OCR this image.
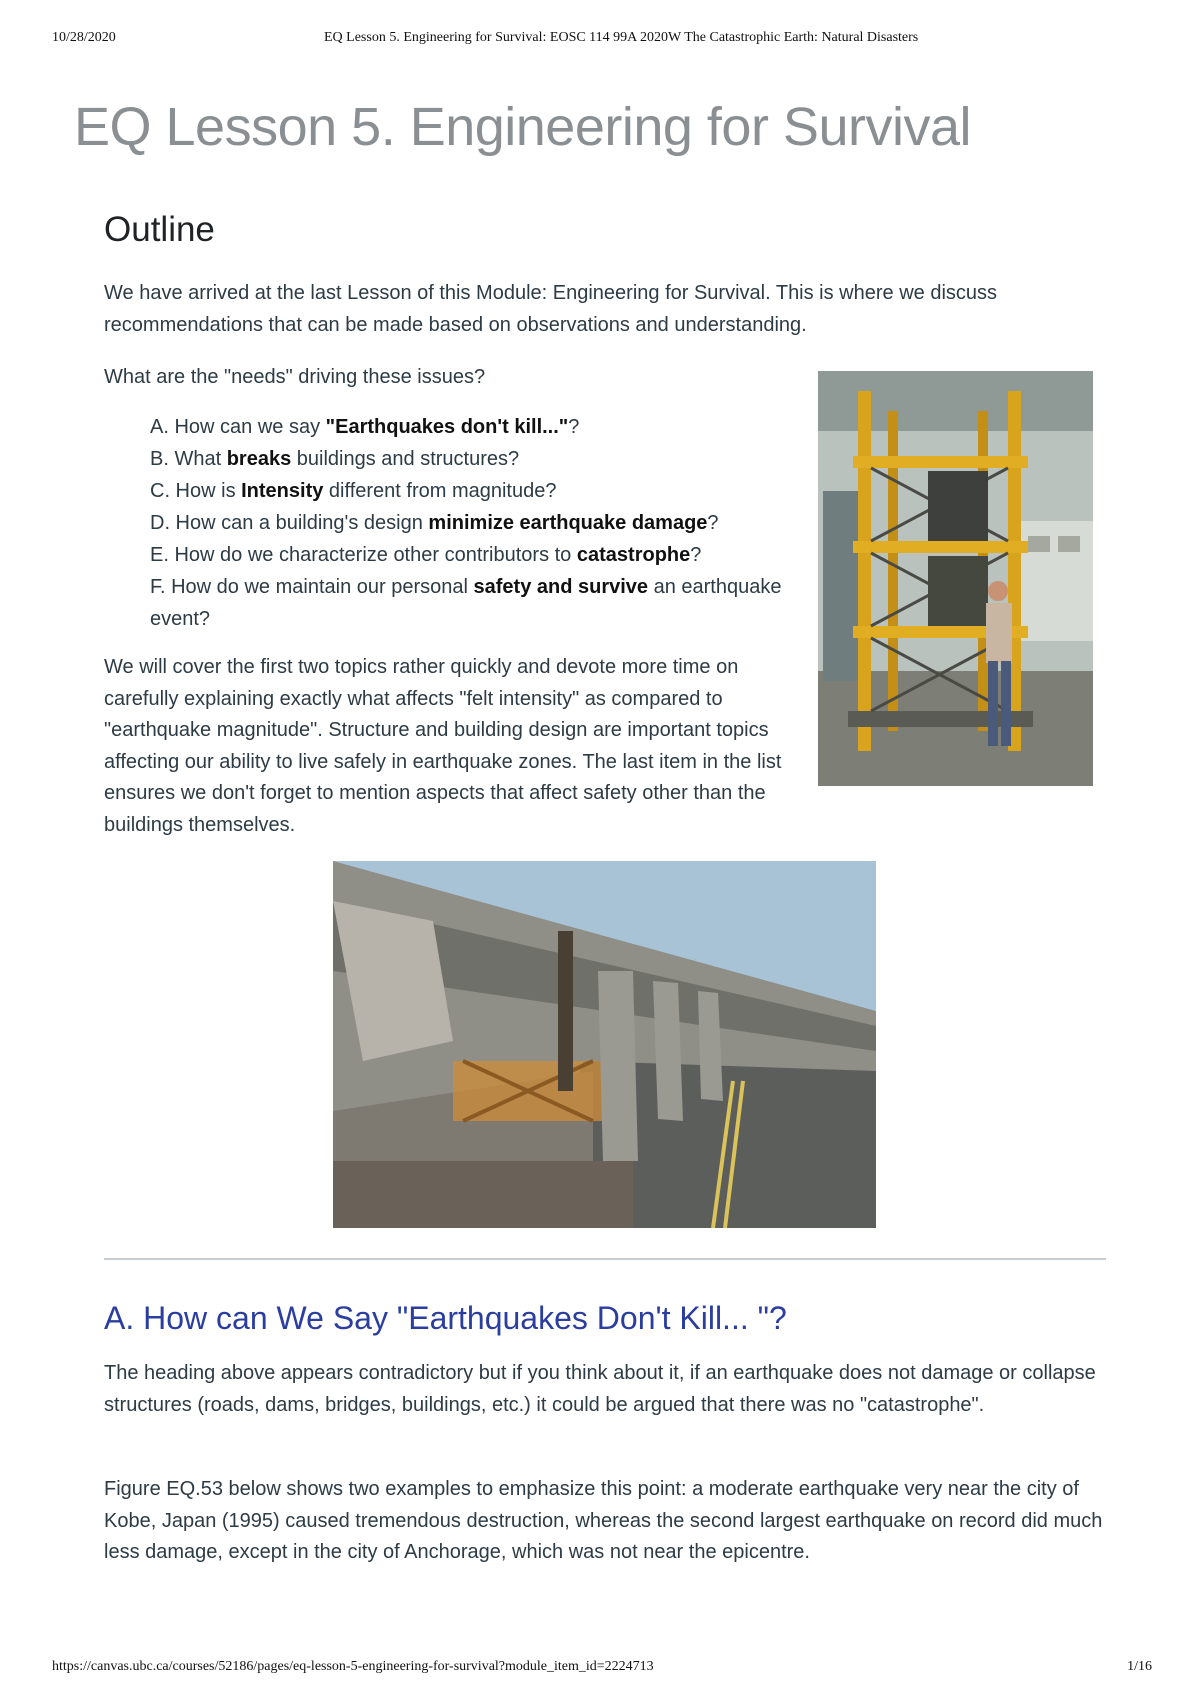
10/28/2020	EQ Lesson 5. Engineering for Survival: EOSC 114 99A 2020W The Catastrophic Earth: Natural Disasters
EQ Lesson 5. Engineering for Survival
Outline

We have arrived at the last Lesson of this Module: Engineering for Survival. This is where we discuss recommendations that can be made based on observations and understanding.

What are the "needs" driving these issues?

A. How can we say "Earthquakes don't kill..."?
B. What breaks buildings and structures?
C. How is Intensity different from magnitude?
D. How can a building's design minimize earthquake damage?
E. How do we characterize other contributors to catastrophe?
F. How do we maintain our personal safety and survive an earthquake event?

We will cover the first two topics rather quickly and devote more time on carefully explaining exactly what affects "felt intensity" as compared to "earthquake magnitude". Structure and building design are important topics affecting our ability to live safely in earthquake zones. The last item in the list ensures we don't forget to mention aspects that affect safety other than the buildings themselves.

A. How can We Say "Earthquakes Don't Kill... "?

The heading above appears contradictory but if you think about it, if an earthquake does not damage or collapse structures (roads, dams, bridges, buildings, etc.) it could be argued that there was no "catastrophe".

Figure EQ.53 below shows two examples to emphasize this point: a moderate earthquake very near the city of Kobe, Japan (1995) caused tremendous destruction, whereas the second largest earthquake on record did much less damage, except in the city of Anchorage, which was not near the epicentre.

https://canvas.ubc.ca/courses/52186/pages/eq-lesson-5-engineering-for-survival?module_item_id=2224713	1/16
